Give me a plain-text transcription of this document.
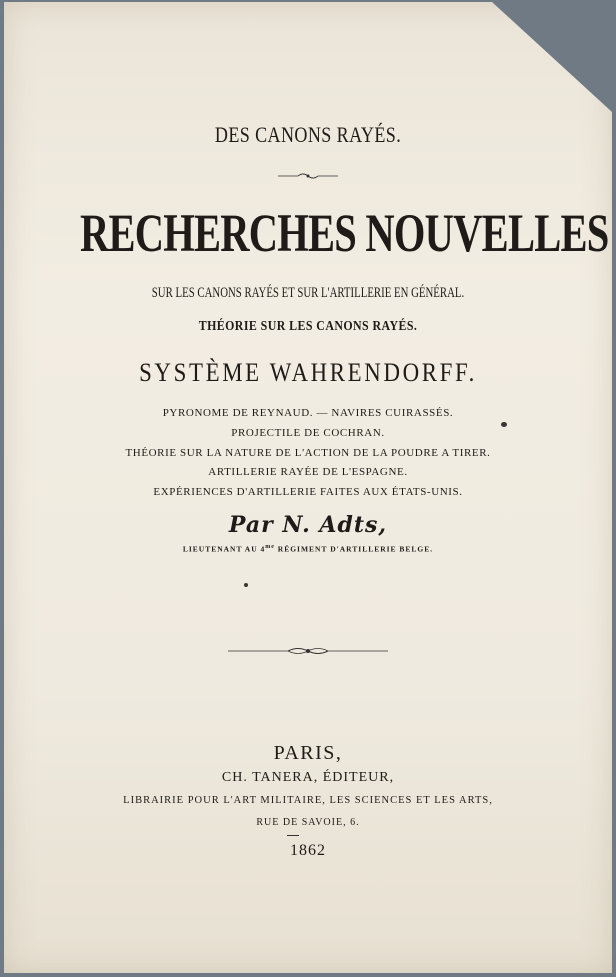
DES CANONS RAYÉS.
RECHERCHES NOUVELLES
SUR LES CANONS RAYÉS ET SUR L'ARTILLERIE EN GÉNÉRAL.
THÉORIE SUR LES CANONS RAYÉS.
SYSTÈME WAHRENDORFF.
PYRONOME DE REYNAUD. — NAVIRES CUIRASSÉS.
PROJECTILE DE COCHRAN.
THÉORIE SUR LA NATURE DE L'ACTION DE LA POUDRE A TIRER.
ARTILLERIE RAYÉE DE L'ESPAGNE.
EXPÉRIENCES D'ARTILLERIE FAITES AUX ÉTATS-UNIS.
Par N. Adts,
LIEUTENANT AU $4^{me}$ RÉGIMENT D'ARTILLERIE BELGE.
PARIS,
CH. TANERA, ÉDITEUR,
LIBRAIRIE POUR L'ART MILITAIRE, LES SCIENCES ET LES ARTS,
RUE DE SAVOIE, 6.
1862
